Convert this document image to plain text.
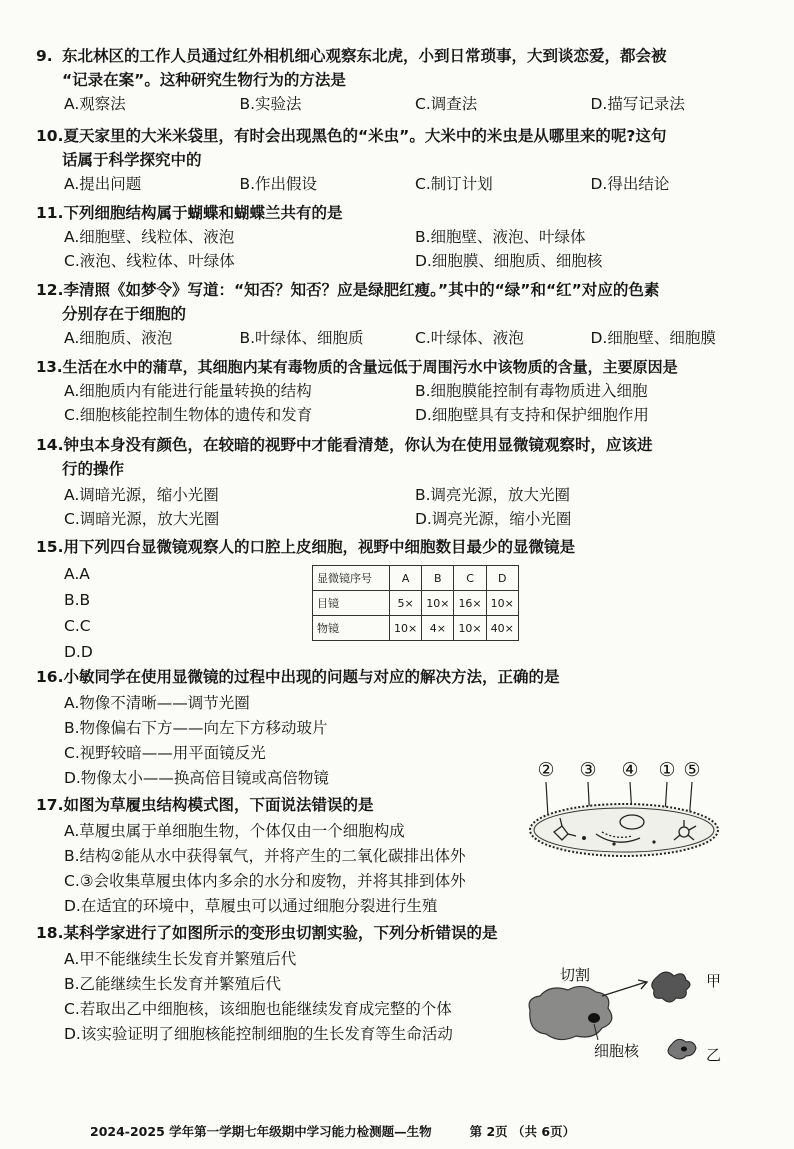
9. 东北林区的工作人员通过红外相机细心观察东北虎，小到日常琐事，大到谈恋爱，都会被
“记录在案”。这种研究生物行为的方法是
A.观察法	B.实验法	C.调查法	D.描写记录法
10.夏天家里的大米米袋里，有时会出现黑色的“米虫”。大米中的米虫是从哪里来的呢?这句
话属于科学探究中的
A.提出问题	B.作出假设	C.制订计划	D.得出结论
11.下列细胞结构属于蝴蝶和蝴蝶兰共有的是
A.细胞壁、线粒体、液泡	B.细胞壁、液泡、叶绿体
C.液泡、线粒体、叶绿体	D.细胞膜、细胞质、细胞核
12.李清照《如梦令》写道：“知否？知否？应是绿肥红瘦。”其中的“绿”和“红”对应的色素
分别存在于细胞的
A.细胞质、液泡	B.叶绿体、细胞质	C.叶绿体、液泡	D.细胞壁、细胞膜
13.生活在水中的蒲草，其细胞内某有毒物质的含量远低于周围污水中该物质的含量，主要原因是
A.细胞质内有能进行能量转换的结构	B.细胞膜能控制有毒物质进入细胞
C.细胞核能控制生物体的遗传和发育	D.细胞壁具有支持和保护细胞作用
14.钟虫本身没有颜色，在较暗的视野中才能看清楚，你认为在使用显微镜观察时，应该进
行的操作
A.调暗光源，缩小光圈	B.调亮光源，放大光圈
C.调暗光源，放大光圈	D.调亮光源，缩小光圈
15.用下列四台显微镜观察人的口腔上皮细胞，视野中细胞数目最少的显微镜是
A.A
B.B
C.C
D.D
显微镜序号	A	B	C	D
目镜	5×	10×	16×	10×
物镜	10×	4×	10×	40×
16.小敏同学在使用显微镜的过程中出现的问题与对应的解决方法，正确的是
A.物像不清晰——调节光圈
B.物像偏右下方——向左下方移动玻片
C.视野较暗——用平面镜反光
D.物像太小——换高倍目镜或高倍物镜
17.如图为草履虫结构模式图，下面说法错误的是
A.草履虫属于单细胞生物，个体仅由一个细胞构成
B.结构②能从水中获得氧气，并将产生的二氧化碳排出体外
C.③会收集草履虫体内多余的水分和废物，并将其排到体外
D.在适宜的环境中，草履虫可以通过细胞分裂进行生殖
② ③ ④ ① ⑤
18.某科学家进行了如图所示的变形虫切割实验，下列分析错误的是
A.甲不能继续生长发育并繁殖后代
B.乙能继续生长发育并繁殖后代
C.若取出乙中细胞核，该细胞也能继续发育成完整的个体
D.该实验证明了细胞核能控制细胞的生长发育等生命活动
切割	甲
细胞核	乙
2024-2025 学年第一学期七年级期中学习能力检测题—生物	第 2页 （共 6页）
